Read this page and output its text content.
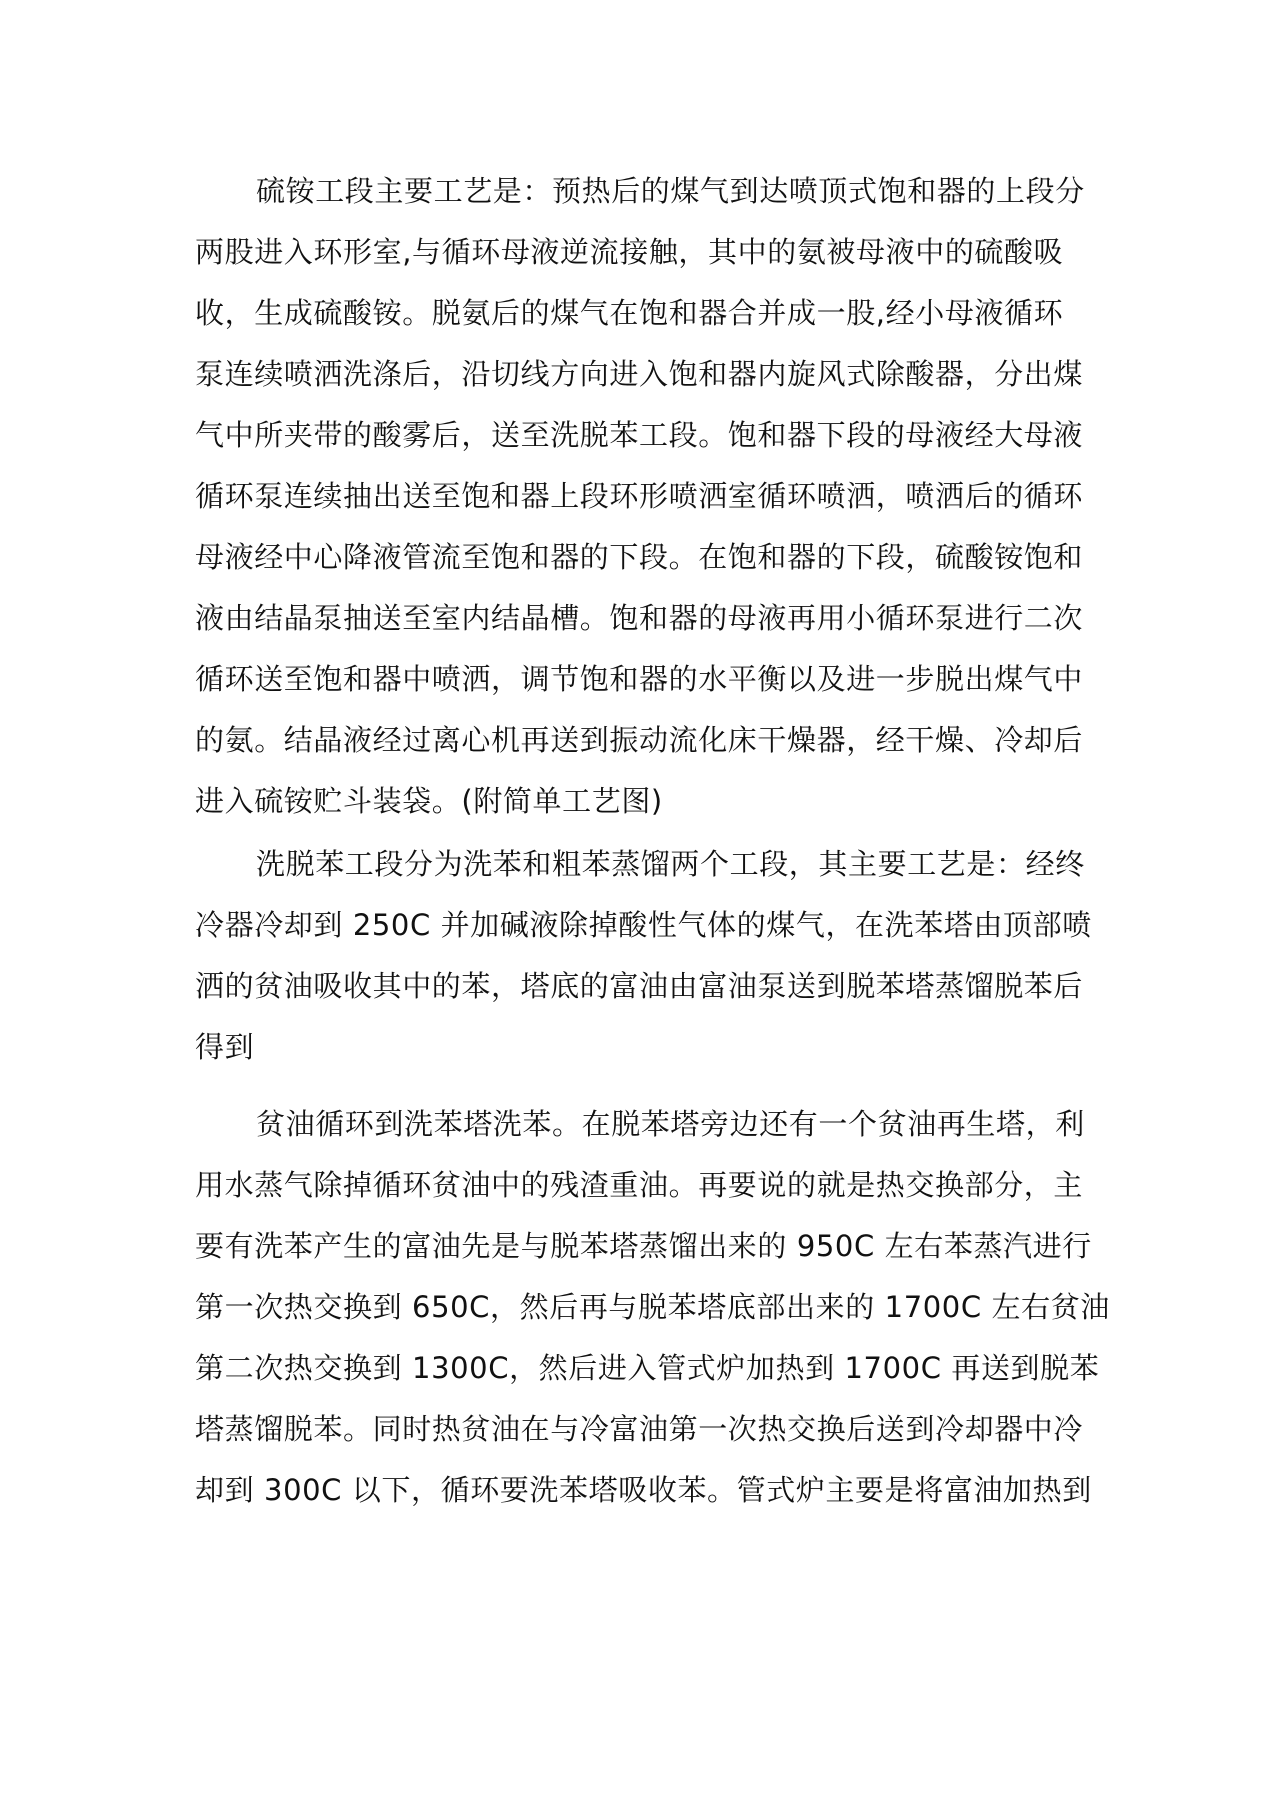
硫铵工段主要工艺是：预热后的煤气到达喷顶式饱和器的上段分

两股进入环形室,与循环母液逆流接触，其中的氨被母液中的硫酸吸

收，生成硫酸铵。脱氨后的煤气在饱和器合并成一股,经小母液循环

泵连续喷洒洗涤后，沿切线方向进入饱和器内旋风式除酸器，分出煤

气中所夹带的酸雾后，送至洗脱苯工段。饱和器下段的母液经大母液

循环泵连续抽出送至饱和器上段环形喷洒室循环喷洒，喷洒后的循环

母液经中心降液管流至饱和器的下段。在饱和器的下段，硫酸铵饱和

液由结晶泵抽送至室内结晶槽。饱和器的母液再用小循环泵进行二次

循环送至饱和器中喷洒，调节饱和器的水平衡以及进一步脱出煤气中

的氨。结晶液经过离心机再送到振动流化床干燥器，经干燥、冷却后

进入硫铵贮斗装袋。(附简单工艺图)

洗脱苯工段分为洗苯和粗苯蒸馏两个工段，其主要工艺是：经终

冷器冷却到 250C 并加碱液除掉酸性气体的煤气，在洗苯塔由顶部喷

洒的贫油吸收其中的苯，塔底的富油由富油泵送到脱苯塔蒸馏脱苯后

得到

贫油循环到洗苯塔洗苯。在脱苯塔旁边还有一个贫油再生塔，利

用水蒸气除掉循环贫油中的残渣重油。再要说的就是热交换部分，主

要有洗苯产生的富油先是与脱苯塔蒸馏出来的 950C 左右苯蒸汽进行

第一次热交换到 650C，然后再与脱苯塔底部出来的 1700C 左右贫油

第二次热交换到 1300C，然后进入管式炉加热到 1700C 再送到脱苯

塔蒸馏脱苯。同时热贫油在与冷富油第一次热交换后送到冷却器中冷

却到 300C 以下，循环要洗苯塔吸收苯。管式炉主要是将富油加热到
